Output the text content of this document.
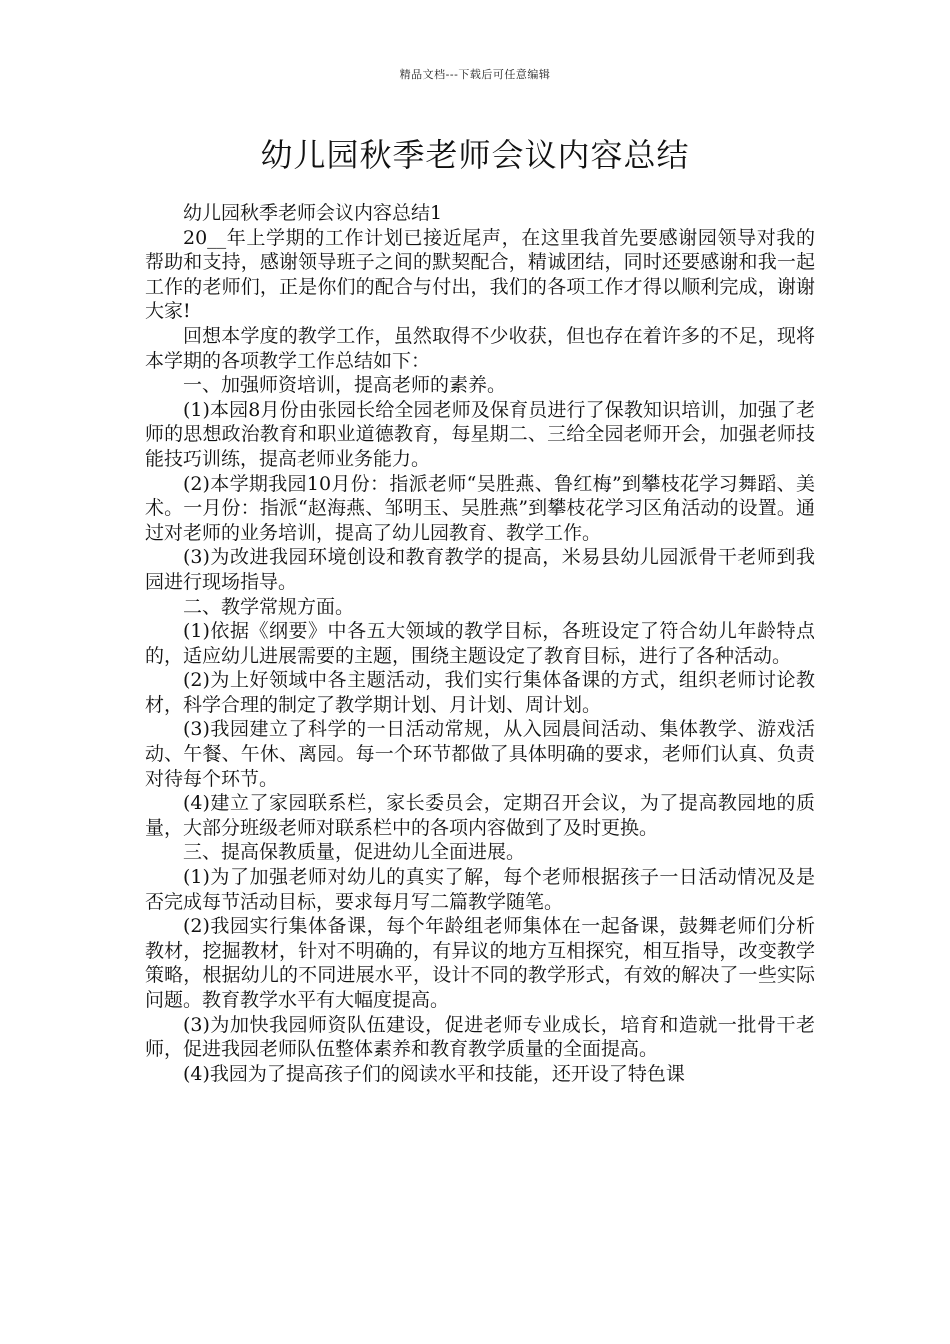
精品文档---下载后可任意编辑
幼儿园秋季老师会议内容总结

幼儿园秋季老师会议内容总结1

20__年上学期的工作计划已接近尾声，在这里我首先要感谢园领导对我的帮助和支持，感谢领导班子之间的默契配合，精诚团结，同时还要感谢和我一起工作的老师们，正是你们的配合与付出，我们的各项工作才得以顺利完成，谢谢大家!

回想本学度的教学工作，虽然取得不少收获，但也存在着许多的不足，现将本学期的各项教学工作总结如下：

一、加强师资培训，提高老师的素养。

(1)本园8月份由张园长给全园老师及保育员进行了保教知识培训，加强了老师的思想政治教育和职业道德教育，每星期二、三给全园老师开会，加强老师技能技巧训练，提高老师业务能力。

(2)本学期我园10月份：指派老师“吴胜燕、鲁红梅”到攀枝花学习舞蹈、美术。一月份：指派“赵海燕、邹明玉、吴胜燕”到攀枝花学习区角活动的设置。通过对老师的业务培训，提高了幼儿园教育、教学工作。

(3)为改进我园环境创设和教育教学的提高，米易县幼儿园派骨干老师到我园进行现场指导。

二、教学常规方面。

(1)依据《纲要》中各五大领域的教学目标，各班设定了符合幼儿年龄特点的，适应幼儿进展需要的主题，围绕主题设定了教育目标，进行了各种活动。

(2)为上好领域中各主题活动，我们实行集体备课的方式，组织老师讨论教材，科学合理的制定了教学期计划、月计划、周计划。

(3)我园建立了科学的一日活动常规，从入园晨间活动、集体教学、游戏活动、午餐、午休、离园。每一个环节都做了具体明确的要求，老师们认真、负责对待每个环节。

(4)建立了家园联系栏，家长委员会，定期召开会议，为了提高教园地的质量，大部分班级老师对联系栏中的各项内容做到了及时更换。

三、提高保教质量，促进幼儿全面进展。

(1)为了加强老师对幼儿的真实了解，每个老师根据孩子一日活动情况及是否完成每节活动目标，要求每月写二篇教学随笔。

(2)我园实行集体备课，每个年龄组老师集体在一起备课，鼓舞老师们分析教材，挖掘教材，针对不明确的，有异议的地方互相探究，相互指导，改变教学策略，根据幼儿的不同进展水平，设计不同的教学形式，有效的解决了一些实际问题。教育教学水平有大幅度提高。

(3)为加快我园师资队伍建设，促进老师专业成长，培育和造就一批骨干老师，促进我园老师队伍整体素养和教育教学质量的全面提高。

(4)我园为了提高孩子们的阅读水平和技能，还开设了特色课
